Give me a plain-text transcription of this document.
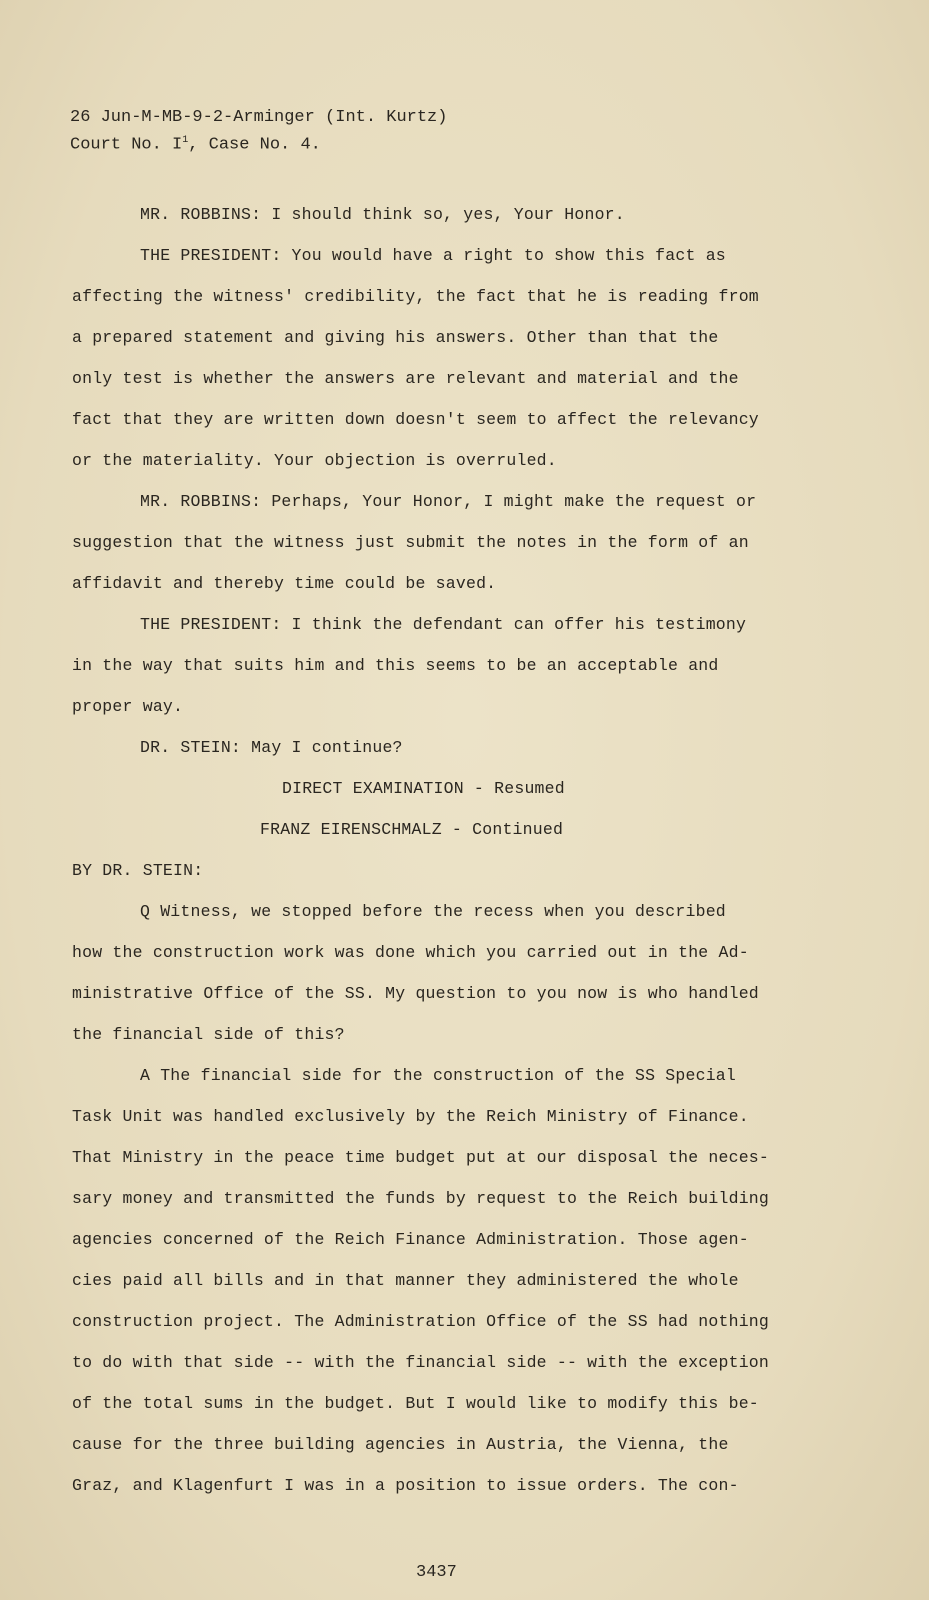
26 Jun-M-MB-9-2-Arminger (Int. Kurtz)
Court No. $I^1$, Case No. 4.
MR. ROBBINS: I should think so, yes, Your Honor.
THE PRESIDENT: You would have a right to show this fact as
affecting the witness' credibility, the fact that he is reading from
a prepared statement and giving his answers. Other than that the
only test is whether the answers are relevant and material and the
fact that they are written down doesn't seem to affect the relevancy
or the materiality. Your objection is overruled.
MR. ROBBINS: Perhaps, Your Honor, I might make the request or
suggestion that the witness just submit the notes in the form of an
affidavit and thereby time could be saved.
THE PRESIDENT: I think the defendant can offer his testimony
in the way that suits him and this seems to be an acceptable and
proper way.
DR. STEIN: May I continue?
DIRECT EXAMINATION - Resumed
FRANZ EIRENSCHMALZ - Continued
BY DR. STEIN:
Q Witness, we stopped before the recess when you described
how the construction work was done which you carried out in the Ad-
ministrative Office of the SS. My question to you now is who handled
the financial side of this?
A The financial side for the construction of the SS Special
Task Unit was handled exclusively by the Reich Ministry of Finance.
That Ministry in the peace time budget put at our disposal the neces-
sary money and transmitted the funds by request to the Reich building
agencies concerned of the Reich Finance Administration. Those agen-
cies paid all bills and in that manner they administered the whole
construction project. The Administration Office of the SS had nothing
to do with that side -- with the financial side -- with the exception
of the total sums in the budget. But I would like to modify this be-
cause for the three building agencies in Austria, the Vienna, the
Graz, and Klagenfurt I was in a position to issue orders. The con-
3437
